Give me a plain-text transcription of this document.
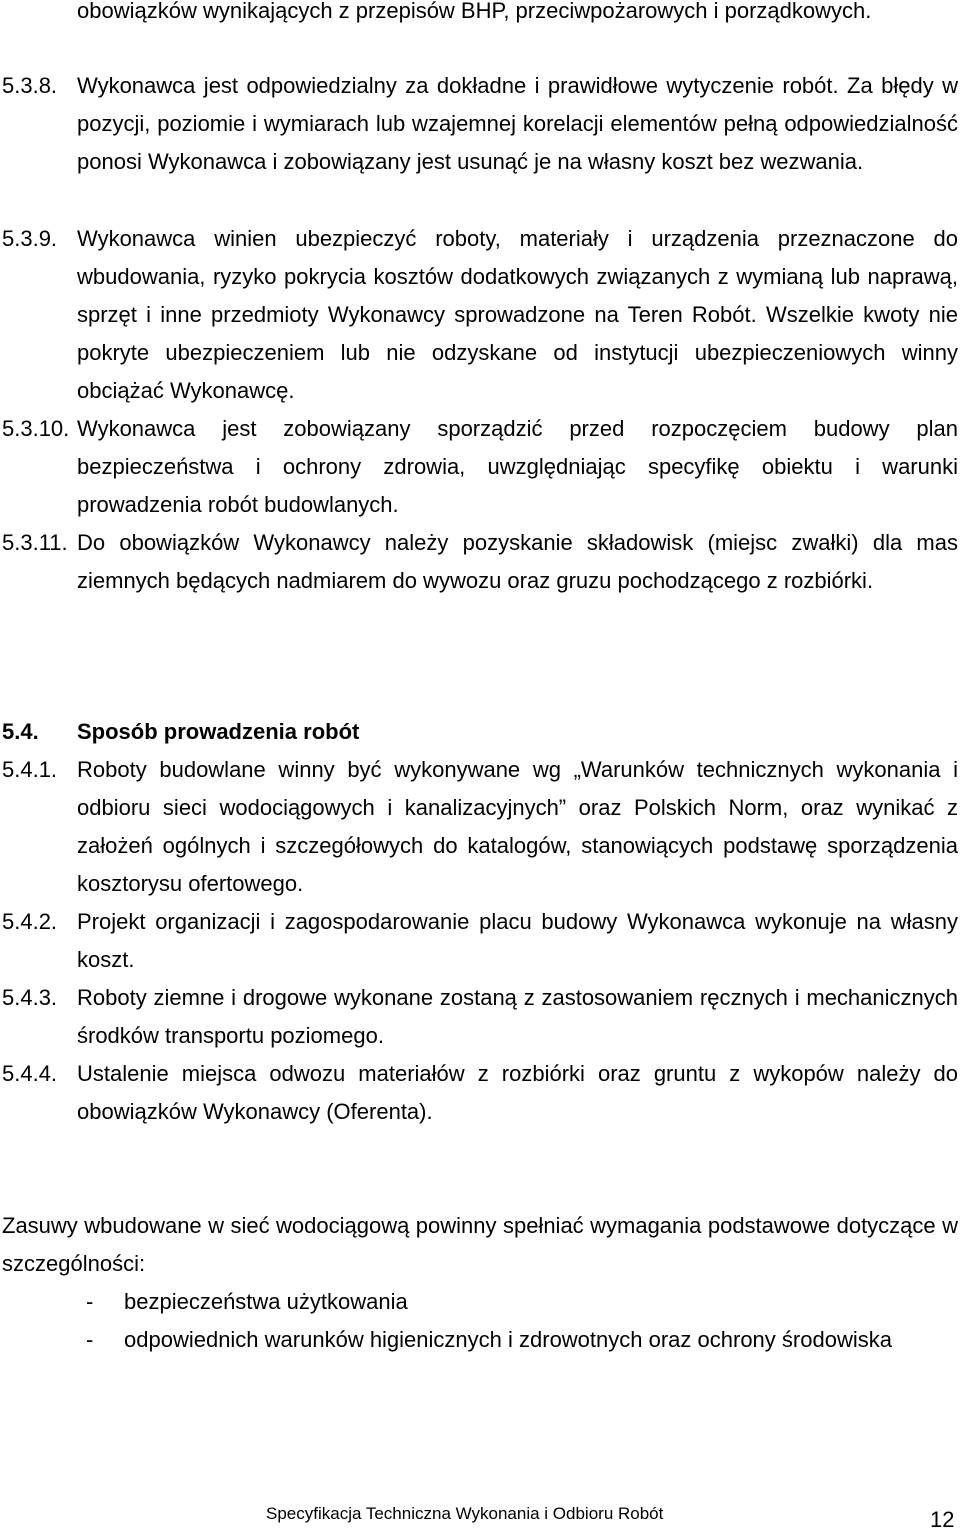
obowiązków wynikających z przepisów BHP, przeciwpożarowych i porządkowych.
5.3.8. Wykonawca jest odpowiedzialny za dokładne i prawidłowe wytyczenie robót. Za błędy w pozycji, poziomie i wymiarach lub wzajemnej korelacji elementów pełną odpowiedzialność ponosi Wykonawca i zobowiązany jest usunąć je na własny koszt bez wezwania.
5.3.9. Wykonawca winien ubezpieczyć roboty, materiały i urządzenia przeznaczone do wbudowania, ryzyko pokrycia kosztów dodatkowych związanych z wymianą lub naprawą, sprzęt i inne przedmioty Wykonawcy sprowadzone na Teren Robót. Wszelkie kwoty nie pokryte ubezpieczeniem lub nie odzyskane od instytucji ubezpieczeniowych winny obciążać Wykonawcę.
5.3.10. Wykonawca jest zobowiązany sporządzić przed rozpoczęciem budowy plan bezpieczeństwa i ochrony zdrowia, uwzględniając specyfikę obiektu i warunki prowadzenia robót budowlanych.
5.3.11. Do obowiązków Wykonawcy należy pozyskanie składowisk (miejsc zwałki) dla mas ziemnych będących nadmiarem do wywozu oraz gruzu pochodzącego z rozbiórki.
5.4. Sposób prowadzenia robót
5.4.1. Roboty budowlane winny być wykonywane wg „Warunków technicznych wykonania i odbioru sieci wodociągowych i kanalizacyjnych” oraz Polskich Norm, oraz wynikać z założeń ogólnych i szczegółowych do katalogów, stanowiących podstawę sporządzenia kosztorysu ofertowego.
5.4.2. Projekt organizacji i zagospodarowanie placu budowy Wykonawca wykonuje na własny koszt.
5.4.3. Roboty ziemne i drogowe wykonane zostaną z zastosowaniem ręcznych i mechanicznych środków transportu poziomego.
5.4.4. Ustalenie miejsca odwozu materiałów z rozbiórki oraz gruntu z wykopów należy do obowiązków Wykonawcy (Oferenta).
Zasuwy wbudowane w sieć wodociągową powinny spełniać wymagania podstawowe dotyczące w szczególności:
- bezpieczeństwa użytkowania
- odpowiednich warunków higienicznych i zdrowotnych oraz ochrony środowiska
Specyfikacja Techniczna Wykonania i Odbioru Robót	12
